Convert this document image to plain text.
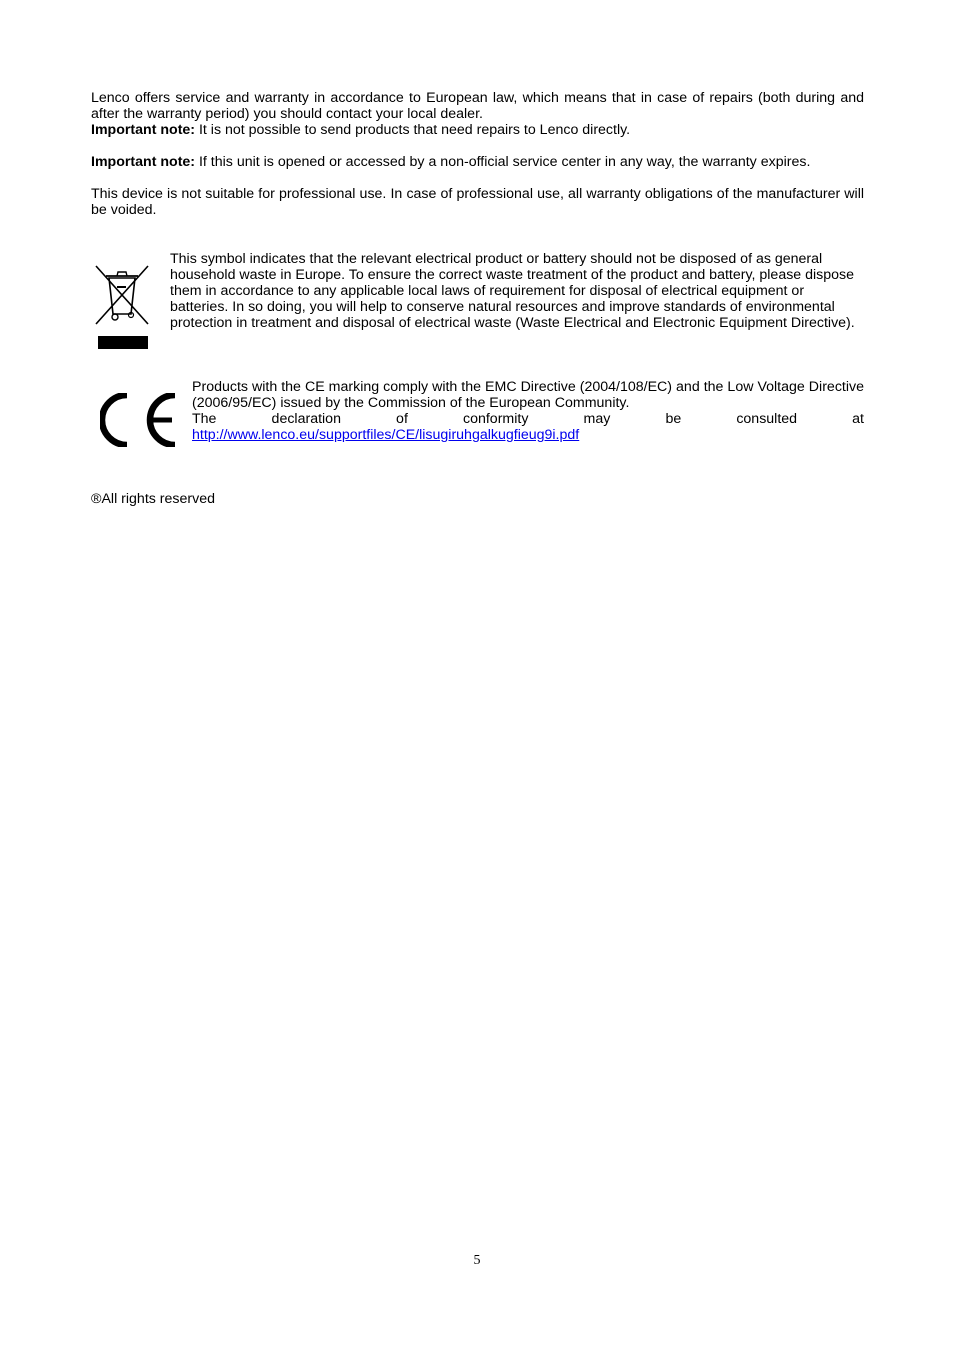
Lenco offers service and warranty in accordance to European law, which means that in case of repairs (both during and after the warranty period) you should contact your local dealer.

Important note: It is not possible to send products that need repairs to Lenco directly.

Important note: If this unit is opened or accessed by a non-official service center in any way, the warranty expires.

This device is not suitable for professional use. In case of professional use, all warranty obligations of the manufacturer will be voided.

This symbol indicates that the relevant electrical product or battery should not be disposed of as general household waste in Europe. To ensure the correct waste treatment of the product and battery, please dispose them in accordance to any applicable local laws of requirement for disposal of electrical equipment or batteries. In so doing, you will help to conserve natural resources and improve standards of environmental protection in treatment and disposal of electrical waste (Waste Electrical and Electronic Equipment Directive).
Products with the CE marking comply with the EMC Directive (2004/108/EC) and the Low Voltage Directive (2006/95/EC) issued by the Commission of the European Community.
The declaration of conformity may be consulted at
http://www.lenco.eu/supportfiles/CE/lisugiruhgalkugfieug9i.pdf
®All rights reserved
5
